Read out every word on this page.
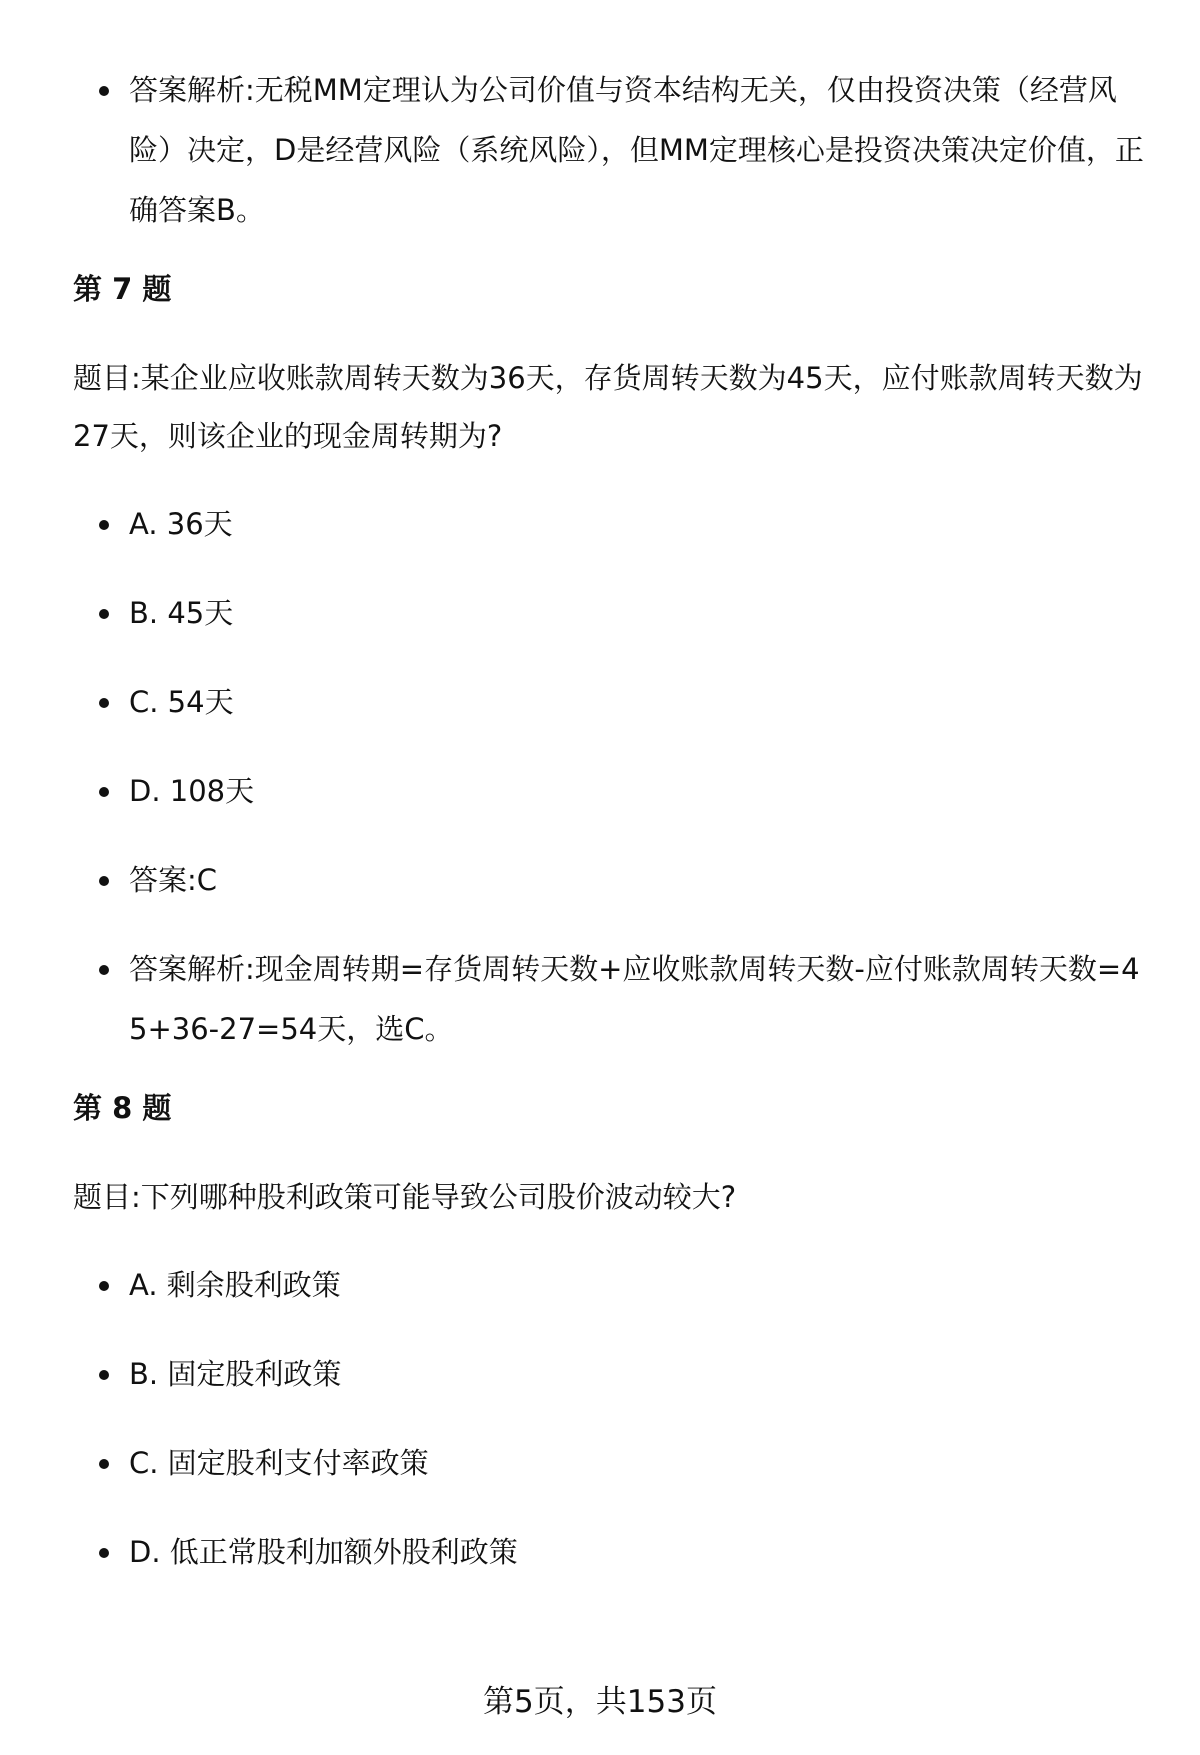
答案解析:无税MM定理认为公司价值与资本结构无关，仅由投资决策（经营风险）决定，D是经营风险（系统风险），但MM定理核心是投资决策决定价值，正确答案B。
第 7 题
题目:某企业应收账款周转天数为36天，存货周转天数为45天，应付账款周转天数为27天，则该企业的现金周转期为?
A. 36天
B. 45天
C. 54天
D. 108天
答案:C
答案解析:现金周转期=存货周转天数+应收账款周转天数-应付账款周转天数=45+36-27=54天，选C。
第 8 题
题目:下列哪种股利政策可能导致公司股价波动较大?
A. 剩余股利政策
B. 固定股利政策
C. 固定股利支付率政策
D. 低正常股利加额外股利政策
第5页，共153页
